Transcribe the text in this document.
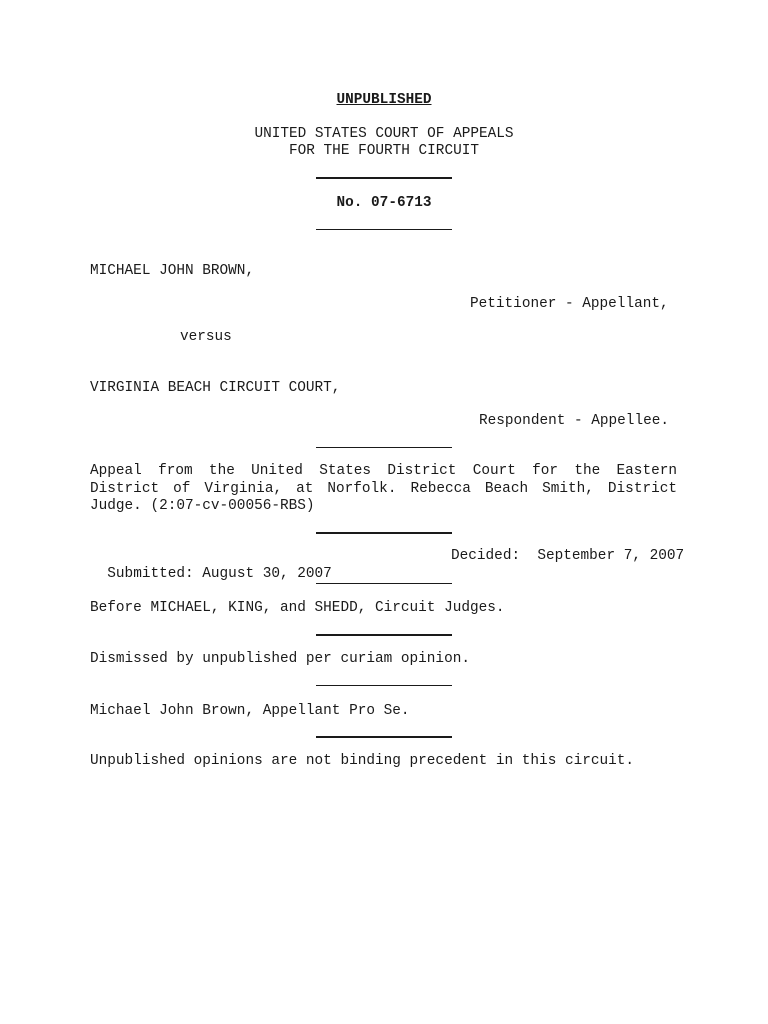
UNPUBLISHED
UNITED STATES COURT OF APPEALS
FOR THE FOURTH CIRCUIT
No. 07-6713
MICHAEL JOHN BROWN,
Petitioner - Appellant,
versus
VIRGINIA BEACH CIRCUIT COURT,
Respondent - Appellee.
Appeal from the United States District Court for the Eastern
District of Virginia, at Norfolk. Rebecca Beach Smith, District
Judge. (2:07-cv-00056-RBS)

Submitted: August 30, 2007

Decided:  September 7, 2007

Before MICHAEL, KING, and SHEDD, Circuit Judges.
Dismissed by unpublished per curiam opinion.
Michael John Brown, Appellant Pro Se.
Unpublished opinions are not binding precedent in this circuit.
